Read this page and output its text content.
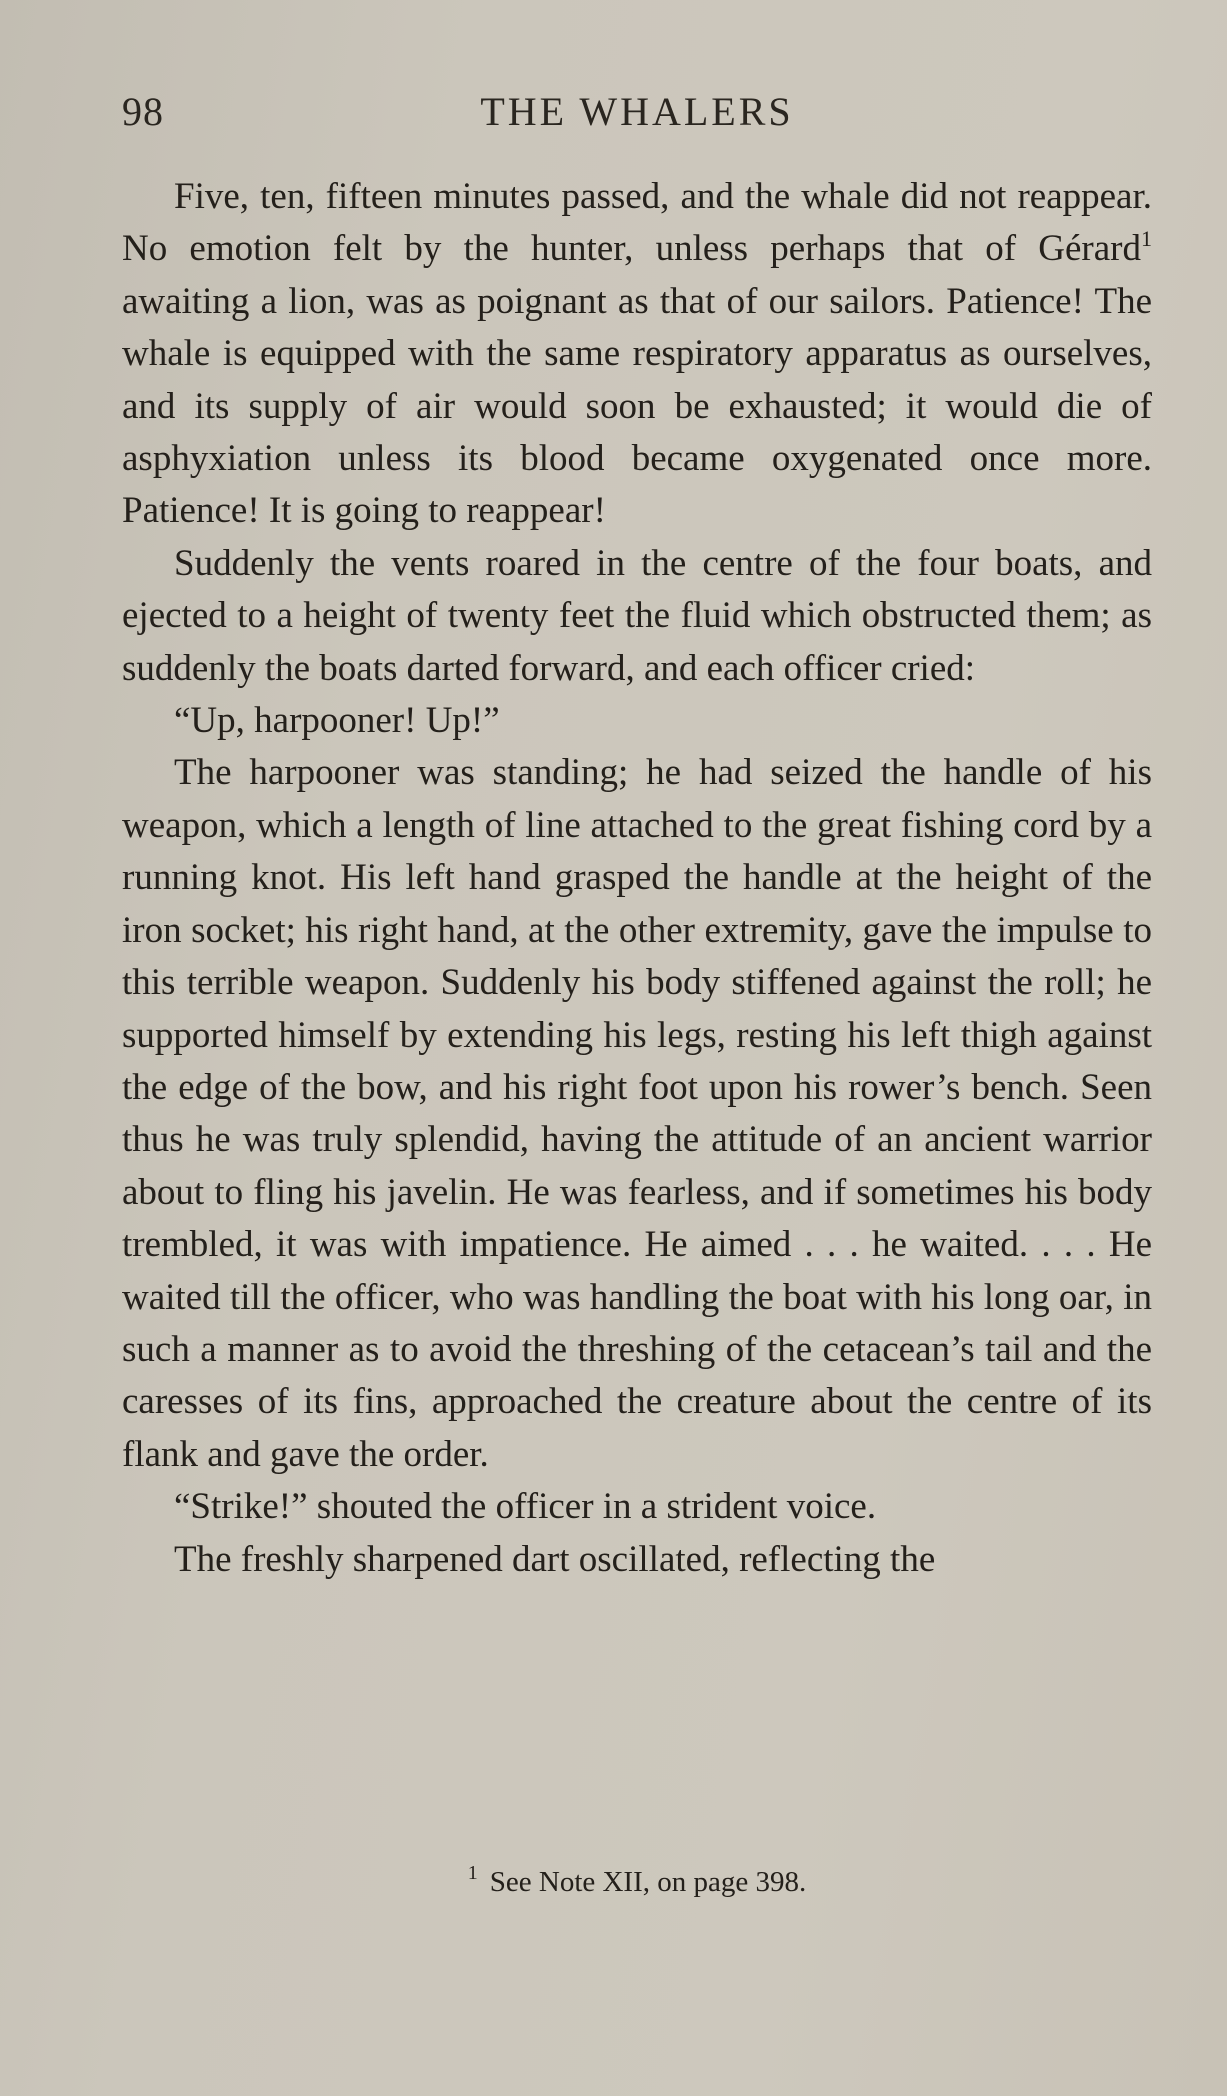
98	THE WHALERS

Five, ten, fifteen minutes passed, and the whale did not reappear. No emotion felt by the hunter, unless perhaps that of Gérard$^1$ awaiting a lion, was as poignant as that of our sailors. Patience! The whale is equipped with the same respiratory apparatus as ourselves, and its supply of air would soon be exhausted; it would die of asphyxiation unless its blood became oxygenated once more. Patience! It is going to reappear!

Suddenly the vents roared in the centre of the four boats, and ejected to a height of twenty feet the fluid which obstructed them; as suddenly the boats darted forward, and each officer cried:

“Up, harpooner! Up!”

The harpooner was standing; he had seized the handle of his weapon, which a length of line attached to the great fishing cord by a running knot. His left hand grasped the handle at the height of the iron socket; his right hand, at the other extremity, gave the impulse to this terrible weapon. Suddenly his body stiffened against the roll; he supported himself by extending his legs, resting his left thigh against the edge of the bow, and his right foot upon his rower’s bench. Seen thus he was truly splendid, having the attitude of an ancient warrior about to fling his javelin. He was fearless, and if sometimes his body trembled, it was with impatience. He aimed . . . he waited. . . . He waited till the officer, who was handling the boat with his long oar, in such a manner as to avoid the threshing of the cetacean’s tail and the caresses of its fins, approached the creature about the centre of its flank and gave the order.

“Strike!” shouted the officer in a strident voice.

The freshly sharpened dart oscillated, reflecting the

$^1$ See Note XII, on page 398.
